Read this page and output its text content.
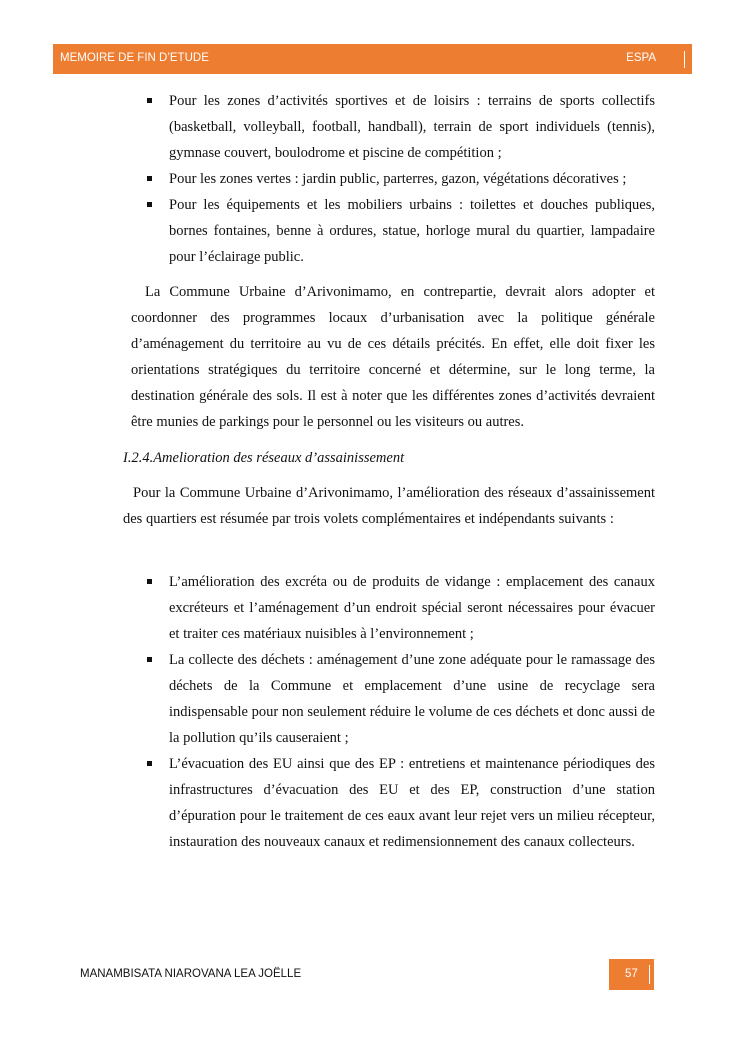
MEMOIRE DE FIN D’ETUDE	ESPA
Pour les zones d’activités sportives et de loisirs : terrains de sports collectifs (basketball, volleyball, football, handball), terrain de sport individuels (tennis), gymnase couvert, boulodrome et piscine de compétition ;
Pour les zones vertes : jardin public, parterres, gazon, végétations décoratives ;
Pour les équipements et les mobiliers urbains : toilettes et douches publiques, bornes fontaines, benne à ordures, statue, horloge mural du quartier, lampadaire pour l’éclairage public.

La Commune Urbaine d’Arivonimamo, en contrepartie, devrait alors adopter et coordonner des programmes locaux d’urbanisation avec la politique générale d’aménagement du territoire au vu de ces détails précités. En effet, elle doit fixer les orientations stratégiques du territoire concerné et détermine, sur le long terme, la destination générale des sols. Il est à noter que les différentes zones d’activités devraient être munies de parkings pour le personnel ou les visiteurs ou autres.

I.2.4.Amelioration des réseaux d’assainissement

Pour la Commune Urbaine d’Arivonimamo, l’amélioration des réseaux d’assainissement des quartiers est résumée par trois volets complémentaires et indépendants suivants :

L’amélioration des excréta ou de produits de vidange : emplacement des canaux excréteurs et l’aménagement d’un endroit spécial seront nécessaires pour évacuer et traiter ces matériaux nuisibles à l’environnement ;
La collecte des déchets : aménagement d’une zone adéquate pour le ramassage des déchets de la Commune et emplacement d’une usine de recyclage sera indispensable pour non seulement réduire le volume de ces déchets et donc aussi de la pollution qu’ils causeraient ;
L’évacuation des EU ainsi que des EP : entretiens et maintenance périodiques des infrastructures d’évacuation des EU et des EP, construction d’une station d’épuration pour le traitement de ces eaux avant leur rejet vers un milieu récepteur, instauration des nouveaux canaux et redimensionnement des canaux collecteurs.
MANAMBISATA NIAROVANA LEA JOËLLE	57
